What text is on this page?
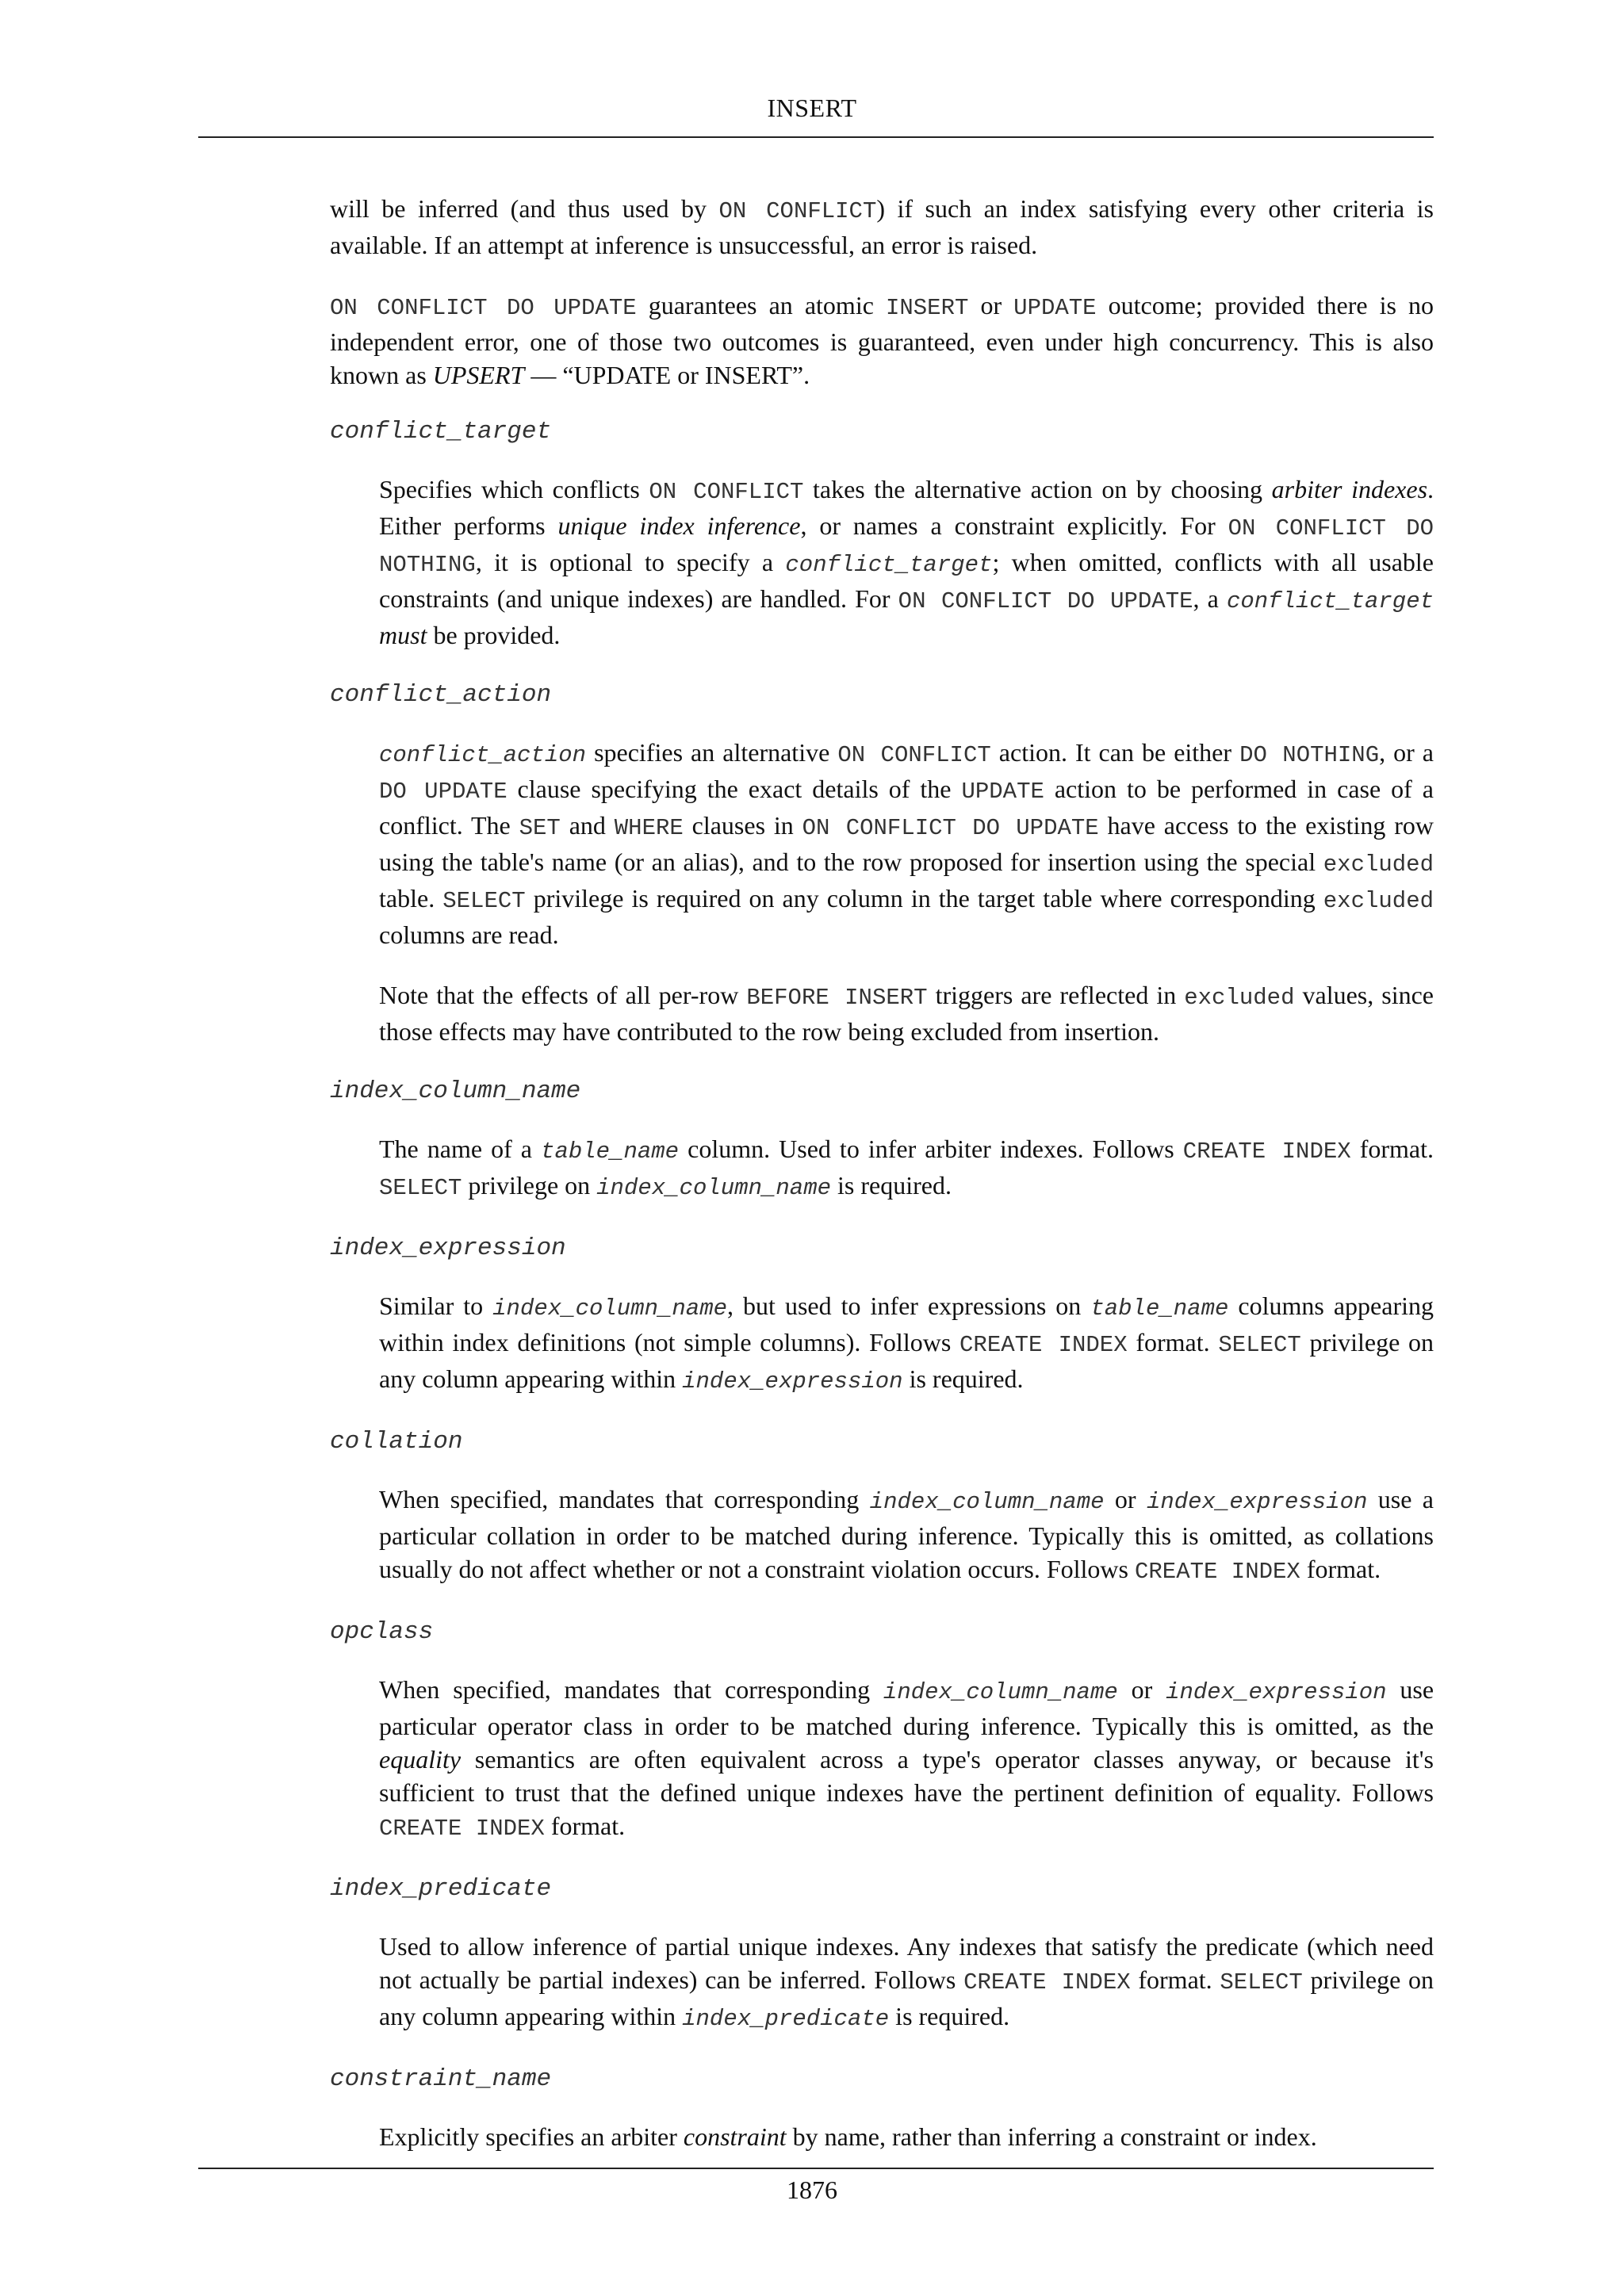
INSERT

will be inferred (and thus used by ON CONFLICT) if such an index satisfying every other criteria is available. If an attempt at inference is unsuccessful, an error is raised.

ON CONFLICT DO UPDATE guarantees an atomic INSERT or UPDATE outcome; provided there is no independent error, one of those two outcomes is guaranteed, even under high concurrency. This is also known as UPSERT — “UPDATE or INSERT”.

conflict_target

Specifies which conflicts ON CONFLICT takes the alternative action on by choosing arbiter indexes. Either performs unique index inference, or names a constraint explicitly. For ON CONFLICT DO NOTHING, it is optional to specify a conflict_target; when omitted, conflicts with all usable constraints (and unique indexes) are handled. For ON CONFLICT DO UPDATE, a conflict_target must be provided.

conflict_action

conflict_action specifies an alternative ON CONFLICT action. It can be either DO NOTHING, or a DO UPDATE clause specifying the exact details of the UPDATE action to be performed in case of a conflict. The SET and WHERE clauses in ON CONFLICT DO UPDATE have access to the existing row using the table's name (or an alias), and to the row proposed for insertion using the special excluded table. SELECT privilege is required on any column in the target table where corresponding excluded columns are read.

Note that the effects of all per-row BEFORE INSERT triggers are reflected in excluded values, since those effects may have contributed to the row being excluded from insertion.

index_column_name

The name of a table_name column. Used to infer arbiter indexes. Follows CREATE INDEX format. SELECT privilege on index_column_name is required.

index_expression

Similar to index_column_name, but used to infer expressions on table_name columns appearing within index definitions (not simple columns). Follows CREATE INDEX format. SELECT privilege on any column appearing within index_expression is required.

collation

When specified, mandates that corresponding index_column_name or index_expression use a particular collation in order to be matched during inference. Typically this is omitted, as collations usually do not affect whether or not a constraint violation occurs. Follows CREATE INDEX format.

opclass

When specified, mandates that corresponding index_column_name or index_expression use particular operator class in order to be matched during inference. Typically this is omitted, as the equality semantics are often equivalent across a type's operator classes anyway, or because it's sufficient to trust that the defined unique indexes have the pertinent definition of equality. Follows CREATE INDEX format.

index_predicate

Used to allow inference of partial unique indexes. Any indexes that satisfy the predicate (which need not actually be partial indexes) can be inferred. Follows CREATE INDEX format. SELECT privilege on any column appearing within index_predicate is required.

constraint_name

Explicitly specifies an arbiter constraint by name, rather than inferring a constraint or index.

1876
